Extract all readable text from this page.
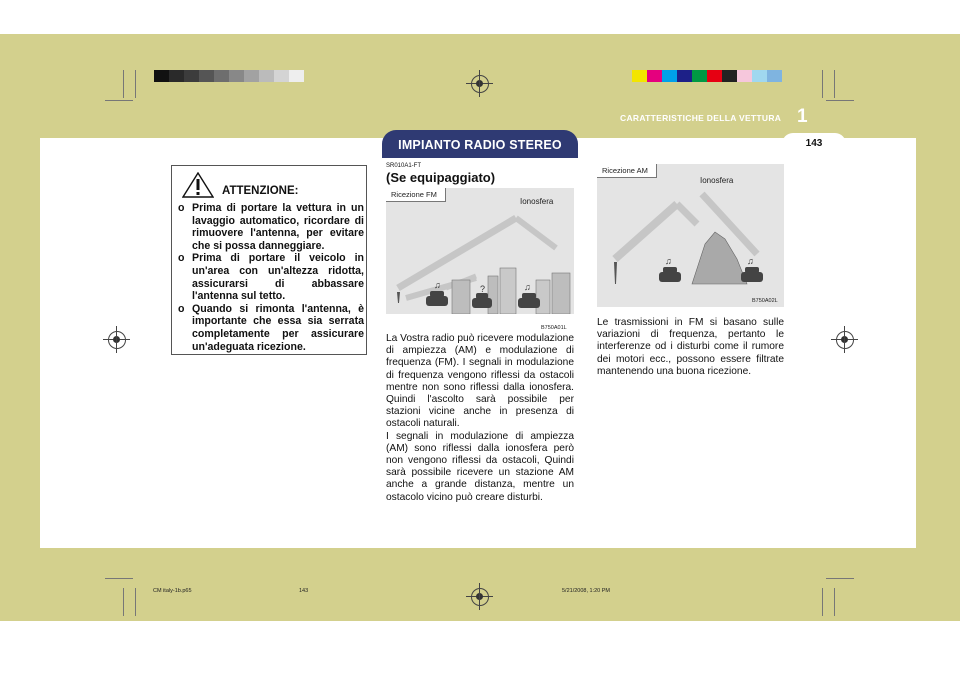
CARATTERISTICHE DELLA VETTURA 1
IMPIANTO RADIO STEREO	143
ATTENZIONE:
o Prima di portare la vettura in un lavaggio automatico, ricordare di rimuovere l'antenna, per evitare che si possa danneggiare.
o Prima di portare il veicolo in un'area con un'altezza ridotta, assicurarsi di abbassare l'antenna sul tetto.
o Quando si rimonta l'antenna, è importante che essa sia serrata completamente per assicurare un'adeguata ricezione.
SR010A1-FT
(Se equipaggiato)
♫	♫
?
Ricezione FM
Ionosfera
B750A01L
La Vostra radio può ricevere modulazione di ampiezza (AM) e modulazione di frequenza (FM). I segnali in modulazione di frequenza vengono riflessi da ostacoli mentre non sono riflessi dalla ionosfera. Quindi l'ascolto sarà possibile per stazioni vicine anche in presenza di ostacoli naturali.
I segnali in modulazione di ampiezza (AM) sono riflessi dalla ionosfera però non vengono riflessi da ostacoli, Quindi sarà possibile ricevere un stazione AM anche a grande distanza, mentre un ostacolo vicino può creare disturbi.
♫	♫
Ricezione AM
Ionosfera
B750A02L
Le trasmissioni in FM si basano sulle variazioni di frequenza, pertanto le interferenze od i disturbi come il rumore dei motori ecc., possono essere filtrate mantenendo una buona ricezione.
CM italy-1b.p65	143	5/21/2008, 1:20 PM
